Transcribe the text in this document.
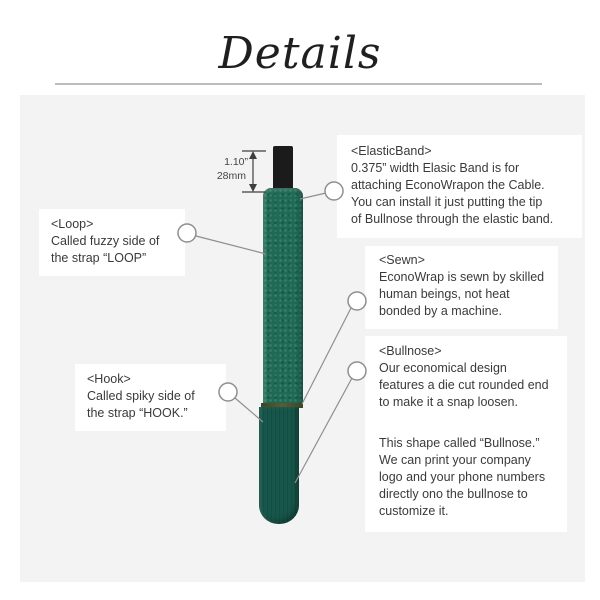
Details
1.10”
28mm
<Loop>
Called fuzzy side of
the strap “LOOP”
<Hook>
Called spiky side of
the strap “HOOK.”
<ElasticBand>
0.375” width Elasic Band is for
attaching EconoWrapon the Cable.
You can install it just putting the tip
of Bullnose through the elastic band.
<Sewn>
EconoWrap is sewn by skilled
human beings, not heat
bonded by a machine.
<Bullnose>
Our economical design
features a die cut rounded end
to make it a snap loosen.
This shape called “Bullnose.”
We can print your company
logo and your phone numbers
directly ono the bullnose to
customize it.
